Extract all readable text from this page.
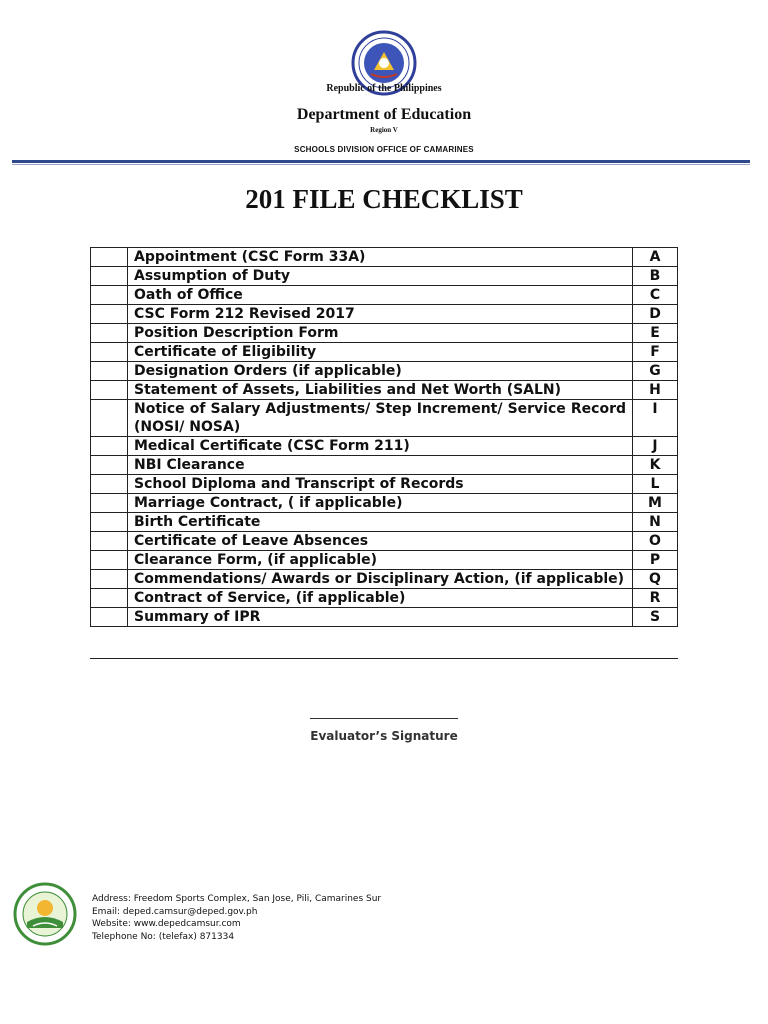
Republic of the Philippines
Department of Education
Region V
SCHOOLS DIVISION OFFICE OF CAMARINES
201 FILE CHECKLIST
	Appointment (CSC Form 33A)	A
	Assumption of Duty	B
	Oath of Office	C
	CSC Form 212 Revised 2017	D
	Position Description Form	E
	Certificate of Eligibility	F
	Designation Orders (if applicable)	G
	Statement of Assets, Liabilities and Net Worth (SALN)	H
	Notice of Salary Adjustments/ Step Increment/ Service Record (NOSI/ NOSA)	I
	Medical Certificate (CSC Form 211)	J
	NBI Clearance	K
	School Diploma and Transcript of Records	L
	Marriage Contract, ( if applicable)	M
	Birth Certificate	N
	Certificate of Leave Absences	O
	Clearance Form, (if applicable)	P
	Commendations/ Awards or Disciplinary Action, (if applicable)	Q
	Contract of Service, (if applicable)	R
	Summary of IPR	S
Evaluator’s Signature
Address: Freedom Sports Complex, San Jose, Pili, Camarines Sur
Email: deped.camsur@deped.gov.ph
Website: www.depedcamsur.com
Telephone No: (telefax) 871334
